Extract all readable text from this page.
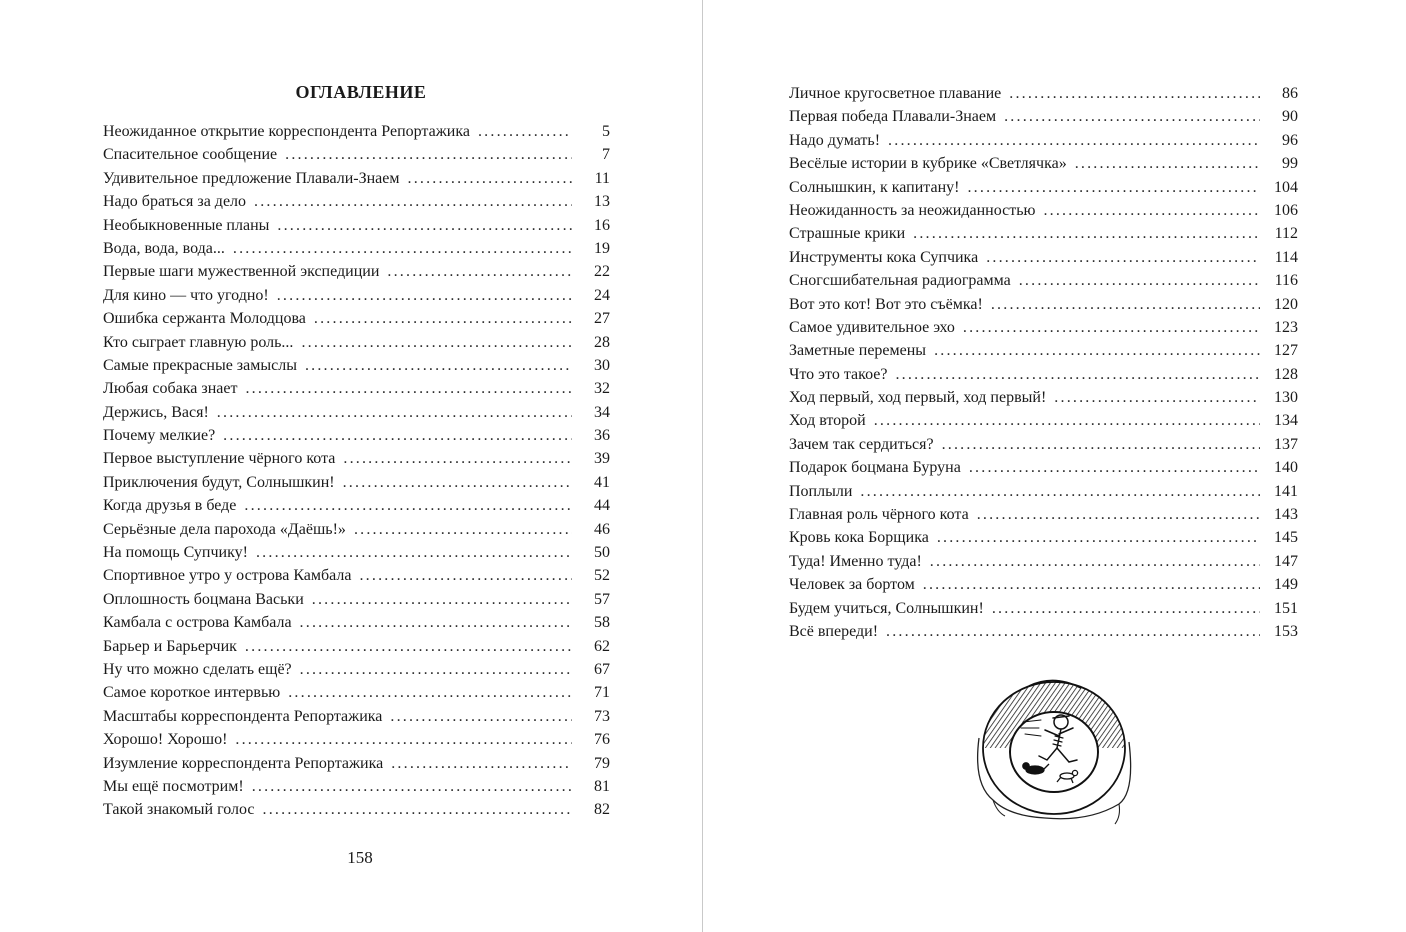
ОГЛАВЛЕНИЕ
Неожиданное открытие корреспондента Репортажика .....	5
Спасительное сообщение .....	7
Удивительное предложение Плавали-Знаем .....	11
Надо браться за дело .....	13
Необыкновенные планы .....	16
Вода, вода, вода... .....	19
Первые шаги мужественной экспедиции .....	22
Для кино — что угодно! .....	24
Ошибка сержанта Молодцова .....	27
Кто сыграет главную роль... .....	28
Самые прекрасные замыслы .....	30
Любая собака знает .....	32
Держись, Вася! .....	34
Почему мелкие? .....	36
Первое выступление чёрного кота .....	39
Приключения будут, Солнышкин! .....	41
Когда друзья в беде .....	44
Серьёзные дела парохода «Даёшь!» .....	46
На помощь Супчику! .....	50
Спортивное утро у острова Камбала .....	52
Оплошность боцмана Васьки .....	57
Камбала с острова Камбала .....	58
Барьер и Барьерчик .....	62
Ну что можно сделать ещё? .....	67
Самое короткое интервью .....	71
Масштабы корреспондента Репортажика .....	73
Хорошо! Хорошо! .....	76
Изумление корреспондента Репортажика .....	79
Мы ещё посмотрим! .....	81
Такой знакомый голос .....	82
158
Личное кругосветное плавание .....	86
Первая победа Плавали-Знаем .....	90
Надо думать! .....	96
Весёлые истории в кубрике «Светлячка» .....	99
Солнышкин, к капитану! .....	104
Неожиданность за неожиданностью .....	106
Страшные крики .....	112
Инструменты кока Супчика .....	114
Сногсшибательная радиограмма .....	116
Вот это кот! Вот это съёмка! .....	120
Самое удивительное эхо .....	123
Заметные перемены .....	127
Что это такое? .....	128
Ход первый, ход первый, ход первый! .....	130
Ход второй .....	134
Зачем так сердиться? .....	137
Подарок боцмана Буруна .....	140
Поплыли .....	141
Главная роль чёрного кота .....	143
Кровь кока Борщика .....	145
Туда! Именно туда! .....	147
Человек за бортом .....	149
Будем учиться, Солнышкин! .....	151
Всё впереди! .....	153
